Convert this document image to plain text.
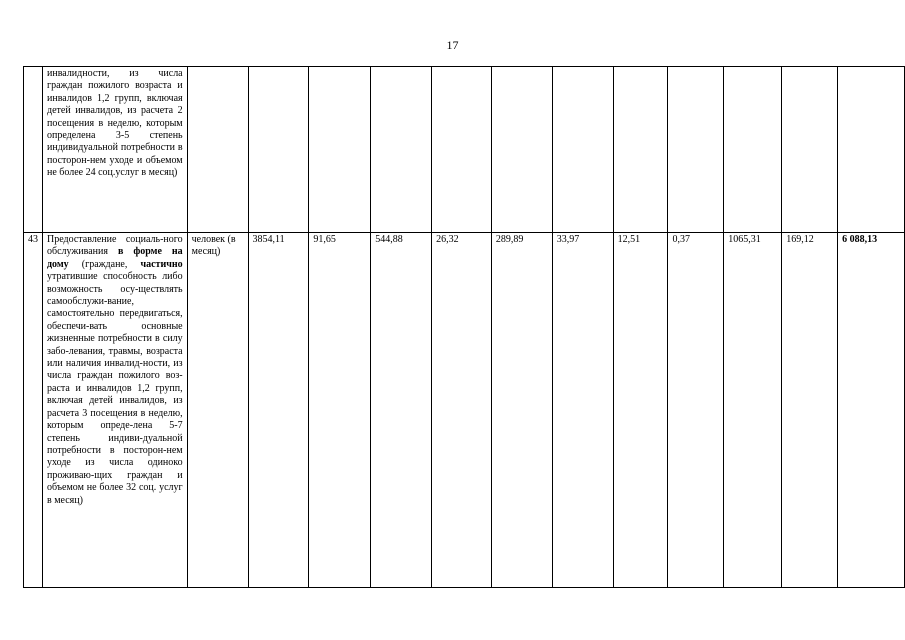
17
	инвалидности, из числа граждан пожилого возраста и инвалидов 1,2 групп, включая детей инвалидов, из расчета 2 посещения в неделю, которым определена 3-5 степень индивидуальной потребности в посторон-нем уходе и объемом не более 24 соц.услуг в месяц)												
43	Предоставление социаль-ного обслуживания в форме на дому (граждане, частично утратившие способность либо возможность осу-ществлять самообслужи-вание, самостоятельно передвигаться, обеспечи-вать основные жизненные потребности в силу забо-левания, травмы, возраста или наличия инвалид-ности, из числа граждан пожилого воз-раста и инвалидов 1,2 групп, включая детей инвалидов, из расчета 3 посещения в неделю, которым опреде-лена 5-7 степень индиви-дуальной потребности в посторон-нем уходе из числа одиноко проживаю-щих граждан и объемом не более 32 соц. услуг в месяц)	человек (в месяц)	3854,11	91,65	544,88	26,32	289,89	33,97	12,51	0,37	1065,31	169,12	6 088,13
